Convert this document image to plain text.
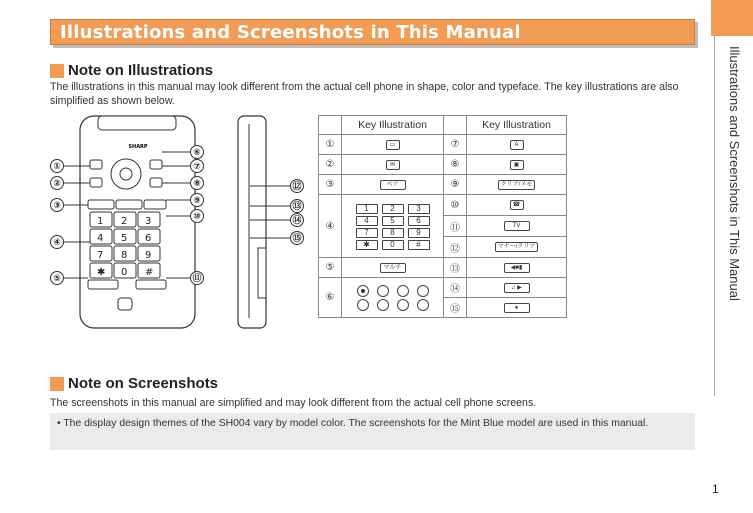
Illustrations and Screenshots in This Manual
Illustrations and Screenshots in This Manual
Note on Illustrations
The illustrations in this manual may look different from the actual cell phone in shape, color and typeface. The key illustrations are also simplified as shown below.
SHARP
1 2 3
4 5 6
7 8 9
✱ 0 #
①
②
③
④
⑤
⑥
⑦
⑧
⑨
⑩
⑪
⑫
⑬
⑭
⑮
	Key Illustration		Key Illustration
①	▭	⑦	A
②	✉	⑧	▣
③	ペア	⑨	クリア/メモ
④	1 2 3
4 5 6
7 8 9
✱ 0 #	⑩	☎
		⑪	TV
		⑫	マナー/クリア
⑤	マルチ	⑬	◀■▮
⑥		⑭	♫ ▶
		⑮	●
Note on Screenshots
The screenshots in this manual are simplified and may look different from the actual cell phone screens.
• The display design themes of the SH004 vary by model color. The screenshots for the Mint Blue model are used in this manual.
1
